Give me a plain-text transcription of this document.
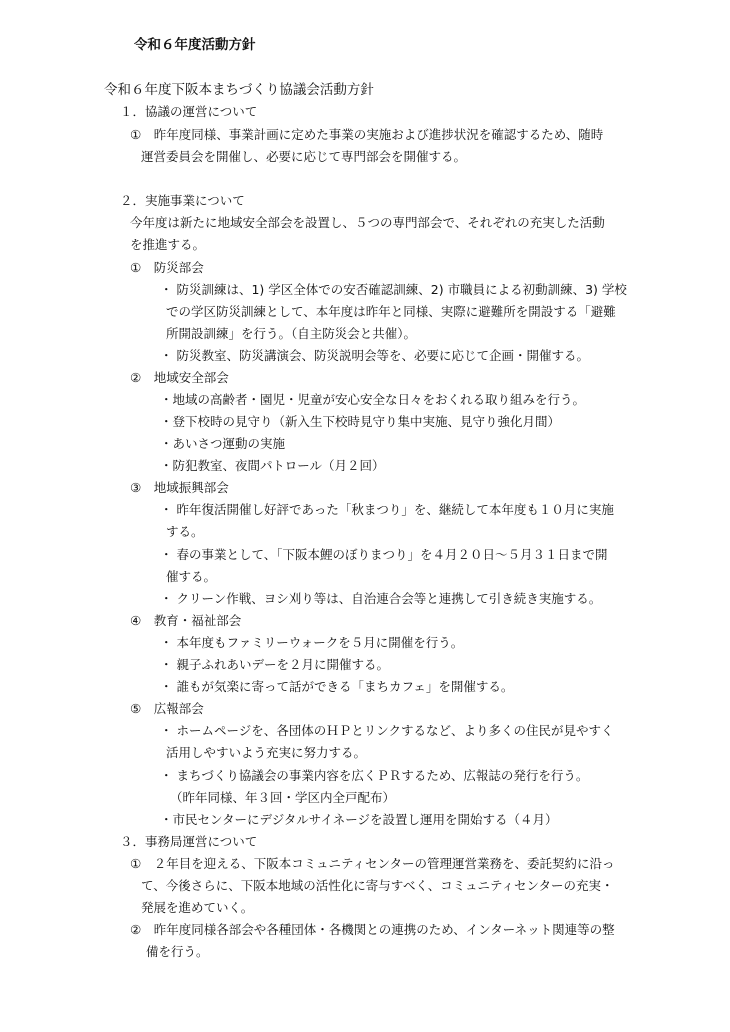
令和６年度活動方針
令和６年度下阪本まちづくり協議会活動方針
１．協議の運営について
①　昨年度同様、事業計画に定めた事業の実施および進捗状況を確認するため、随時
運営委員会を開催し、必要に応じて専門部会を開催する。
２．実施事業について
今年度は新たに地域安全部会を設置し、５つの専門部会で、それぞれの充実した活動
を推進する。
①　防災部会
・ 防災訓練は、1) 学区全体での安否確認訓練、2) 市職員による初動訓練、3) 学校
での学区防災訓練として、本年度は昨年と同様、実際に避難所を開設する「避難
所開設訓練」を行う。（自主防災会と共催）。
・ 防災教室、防災講演会、防災説明会等を、必要に応じて企画・開催する。
②　地域安全部会
・地域の高齢者・園児・児童が安心安全な日々をおくれる取り組みを行う。
・登下校時の見守り（新入生下校時見守り集中実施、見守り強化月間）
・あいさつ運動の実施
・防犯教室、夜間パトロール（月２回）
③　地域振興部会
・ 昨年復活開催し好評であった「秋まつり」を、継続して本年度も１０月に実施
する。
・ 春の事業として、「下阪本鯉のぼりまつり」を４月２０日～５月３１日まで開
催する。
・ クリーン作戦、ヨシ刈り等は、自治連合会等と連携して引き続き実施する。
④　教育・福祉部会
・ 本年度もファミリーウォークを５月に開催を行う。
・ 親子ふれあいデーを２月に開催する。
・ 誰もが気楽に寄って話ができる「まちカフェ」を開催する。
⑤　広報部会
・ ホームページを、各団体のＨＰとリンクするなど、より多くの住民が見やすく
活用しやすいよう充実に努力する。
・ まちづくり協議会の事業内容を広くＰＲするため、広報誌の発行を行う。
（昨年同様、年３回・学区内全戸配布）
・市民センターにデジタルサイネージを設置し運用を開始する（４月）
３．事務局運営について
①　２年目を迎える、下阪本コミュニティセンターの管理運営業務を、委託契約に沿っ
て、今後さらに、下阪本地域の活性化に寄与すべく、コミュニティセンターの充実・
発展を進めていく。
②　昨年度同様各部会や各種団体・各機関との連携のため、インターネット関連等の整
備を行う。
